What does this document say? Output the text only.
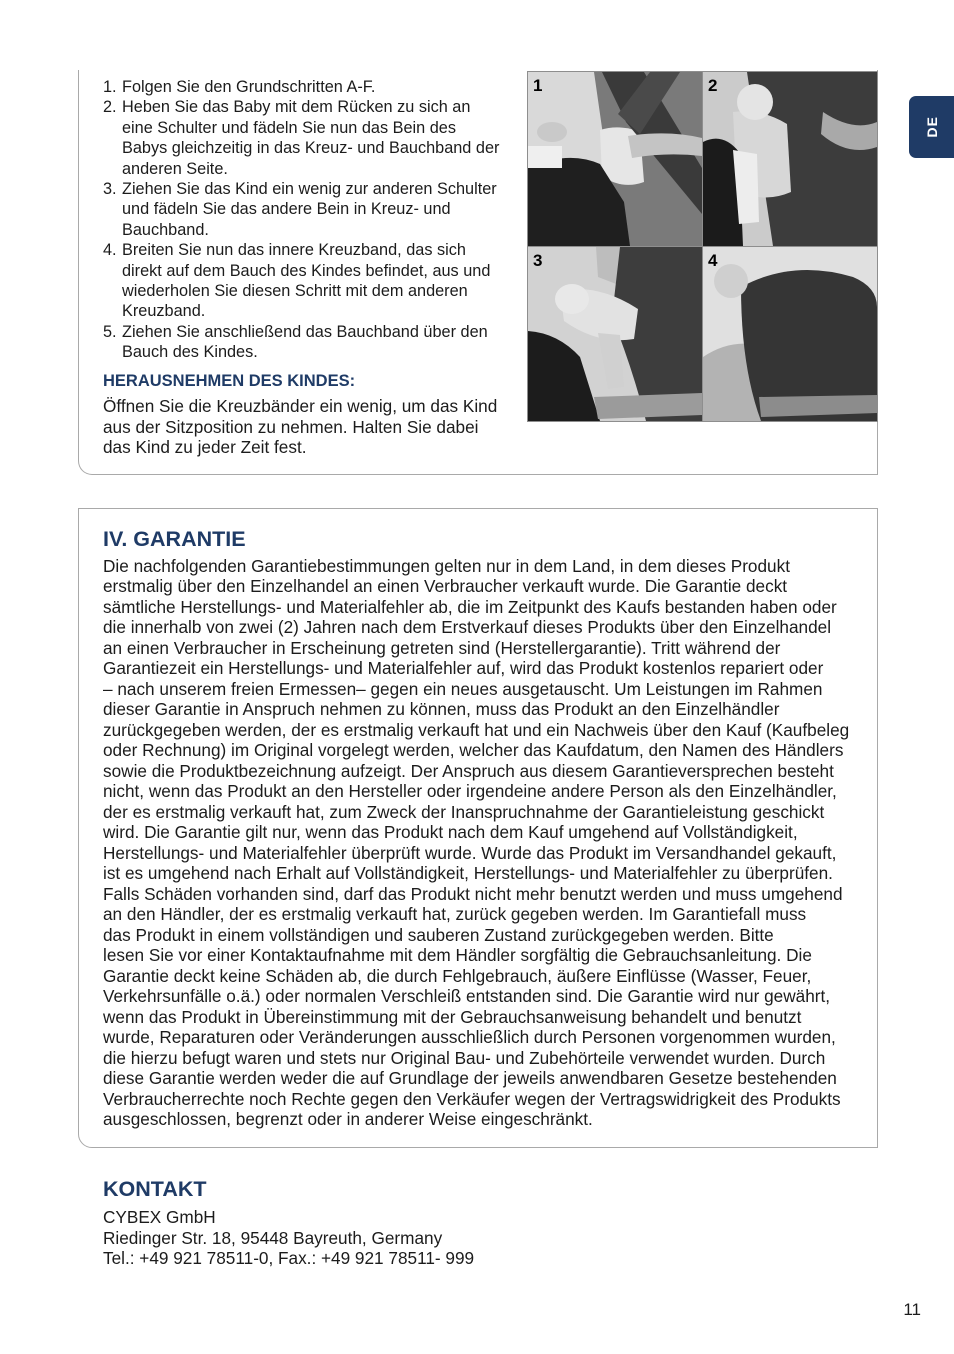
DE
1. Folgen Sie den Grundschritten A-F.
2. Heben Sie das Baby mit dem Rücken zu sich an
eine Schulter und fädeln Sie nun das Bein des
Babys gleichzeitig in das Kreuz- und Bauchband der
anderen Seite.
3. Ziehen Sie das Kind ein wenig zur anderen Schulter
und fädeln Sie das andere Bein in Kreuz- und
Bauchband.
4. Breiten Sie nun das innere Kreuzband, das sich
direkt auf dem Bauch des Kindes befindet, aus und
wiederholen Sie diesen Schritt mit dem anderen
Kreuzband.
5. Ziehen Sie anschließend das Bauchband über den
Bauch des Kindes.
HERAUSNEHMEN DES KINDES:
Öffnen Sie die Kreuzbänder ein wenig, um das Kind
aus der Sitzposition zu nehmen. Halten Sie dabei
das Kind zu jeder Zeit fest.
1	2
3	4
IV. GARANTIE
Die nachfolgenden Garantiebestimmungen gelten nur in dem Land, in dem dieses Produkt
erstmalig über den Einzelhandel an einen Verbraucher verkauft wurde. Die Garantie deckt
sämtliche Herstellungs- und Materialfehler ab, die im Zeitpunkt des Kaufs bestanden haben oder
die innerhalb von zwei (2) Jahren nach dem Erstverkauf dieses Produkts über den Einzelhandel
an einen Verbraucher in Erscheinung getreten sind (Herstellergarantie). Tritt während der
Garantiezeit ein Herstellungs- und Materialfehler auf, wird das Produkt kostenlos repariert oder
– nach unserem freien Ermessen– gegen ein neues ausgetauscht. Um Leistungen im Rahmen
dieser Garantie in Anspruch nehmen zu können, muss das Produkt an den Einzelhändler
zurückgegeben werden, der es erstmalig verkauft hat und ein Nachweis über den Kauf (Kaufbeleg
oder Rechnung) im Original vorgelegt werden, welcher das Kaufdatum, den Namen des Händlers
sowie die Produktbezeichnung aufzeigt. Der Anspruch aus diesem Garantieversprechen besteht
nicht, wenn das Produkt an den Hersteller oder irgendeine andere Person als den Einzelhändler,
der es erstmalig verkauft hat, zum Zweck der Inanspruchnahme der Garantieleistung geschickt
wird. Die Garantie gilt nur, wenn das Produkt nach dem Kauf umgehend auf Vollständigkeit,
Herstellungs- und Materialfehler überprüft wurde. Wurde das Produkt im Versandhandel gekauft,
ist es umgehend nach Erhalt auf Vollständigkeit, Herstellungs- und Materialfehler zu überprüfen.
Falls Schäden vorhanden sind, darf das Produkt nicht mehr benutzt werden und muss umgehend
an den Händler, der es erstmalig verkauft hat, zurück gegeben werden. Im Garantiefall muss
das Produkt in einem vollständigen und sauberen Zustand zurückgegeben werden. Bitte
lesen Sie vor einer Kontaktaufnahme mit dem Händler sorgfältig die Gebrauchsanleitung. Die
Garantie deckt keine Schäden ab, die durch Fehlgebrauch, äußere Einflüsse (Wasser, Feuer,
Verkehrsunfälle o.ä.) oder normalen Verschleiß entstanden sind. Die Garantie wird nur gewährt,
wenn das Produkt in Übereinstimmung mit der Gebrauchsanweisung behandelt und benutzt
wurde, Reparaturen oder Veränderungen ausschließlich durch Personen vorgenommen wurden,
die hierzu befugt waren und stets nur Original Bau- und Zubehörteile verwendet wurden. Durch
diese Garantie werden weder die auf Grundlage der jeweils anwendbaren Gesetze bestehenden
Verbraucherrechte noch Rechte gegen den Verkäufer wegen der Vertragswidrigkeit des Produkts
ausgeschlossen, begrenzt oder in anderer Weise eingeschränkt.
KONTAKT
CYBEX GmbH
Riedinger Str. 18, 95448 Bayreuth, Germany
Tel.: +49 921 78511-0, Fax.: +49 921 78511- 999
11
